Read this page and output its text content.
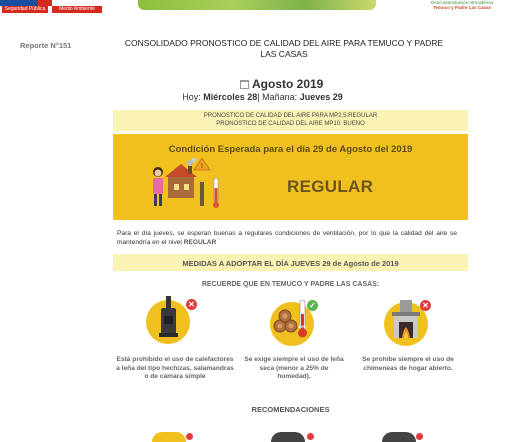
Seguridad Pública	Medio Ambiente
Descontaminación Atmosférica
Temuco y Padre Las Casas
Reporte N°151	CONSOLIDADO PRONOSTICO DE CALIDAD DEL AIRE PARA TEMUCO Y PADRE LAS CASAS
Agosto 2019
Hoy: Miércoles 28| Mañana: Jueves 29
PRONOSTICO DE CALIDAD DEL AIRE PARA MP2,5:REGULAR
PRONOSTICO DE CALIDAD DEL AIRE MP10: BUENO
Condición Esperada para el día 29 de Agosto del 2019
!
REGULAR
Para el día jueves, se esperan buenas a regulares condiciones de ventilación, por lo que la calidad del aire se mantendría en el nivel REGULAR
MEDIDAS A ADOPTAR EL DÍA JUEVES 29 de Agosto de 2019
RECUERDE QUE EN TEMUCO Y PADRE LAS CASAS:
✕
25%
✓	✕
Está prohibido el uso de calefactores a leña del tipo hechizas, salamandras o de cámara simple
Se exige siempre el uso de leña seca (menor a 25% de humedad).
Se prohíbe siempre el uso de chimeneas de hogar abierto.
RECOMENDACIONES
